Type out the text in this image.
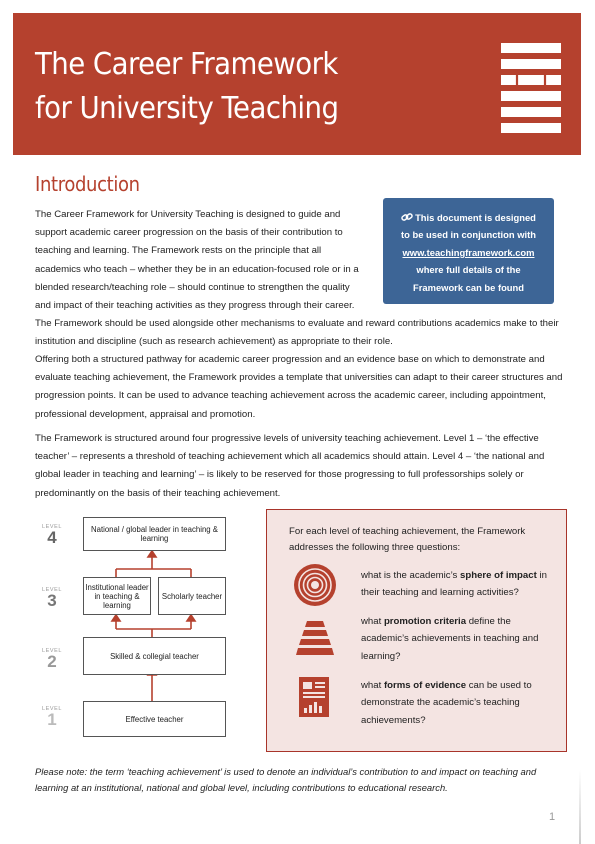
The Career Framework
for University Teaching
Introduction
The Career Framework for University Teaching is designed to guide and support academic career progression on the basis of their contribution to teaching and learning. The Framework rests on the principle that all academics who teach – whether they be in an education-focused role or in a blended research/teaching role – should continue to strengthen the quality and impact of their teaching activities as they progress through their career. The Framework should be used alongside other mechanisms to evaluate and reward contributions academics make to their institution and discipline (such as research achievement) as appropriate to their role.
This document is designed
to be used in conjunction with
www.teachingframework.com
where full details of the
Framework can be found
Offering both a structured pathway for academic career progression and an evidence base on which to demonstrate and evaluate teaching achievement, the Framework provides a template that universities can adapt to their career structures and progression points. It can be used to advance teaching achievement across the academic career, including appointment, professional development, appraisal and promotion.
The Framework is structured around four progressive levels of university teaching achievement. Level 1 – ‘the effective teacher’ – represents a threshold of teaching achievement which all academics should attain. Level 4 – ‘the national and global leader in teaching and learning’ – is likely to be reserved for those progressing to full professorships solely or predominantly on the basis of their teaching achievement.
LEVEL
4
LEVEL
3
LEVEL
2
LEVEL
1
National / global leader in teaching & learning
Institutional leader in teaching & learning
Scholarly teacher
Skilled & collegial teacher
Effective teacher
For each level of teaching achievement, the Framework addresses the following three questions:
what is the academic’s sphere of impact in their teaching and learning activities?
what promotion criteria define the academic’s achievements in teaching and learning?
what forms of evidence can be used to demonstrate the academic’s teaching achievements?
Please note: the term ‘teaching achievement’ is used to denote an individual’s contribution to and impact on teaching and learning at an institutional, national and global level, including contributions to educational research.
1
